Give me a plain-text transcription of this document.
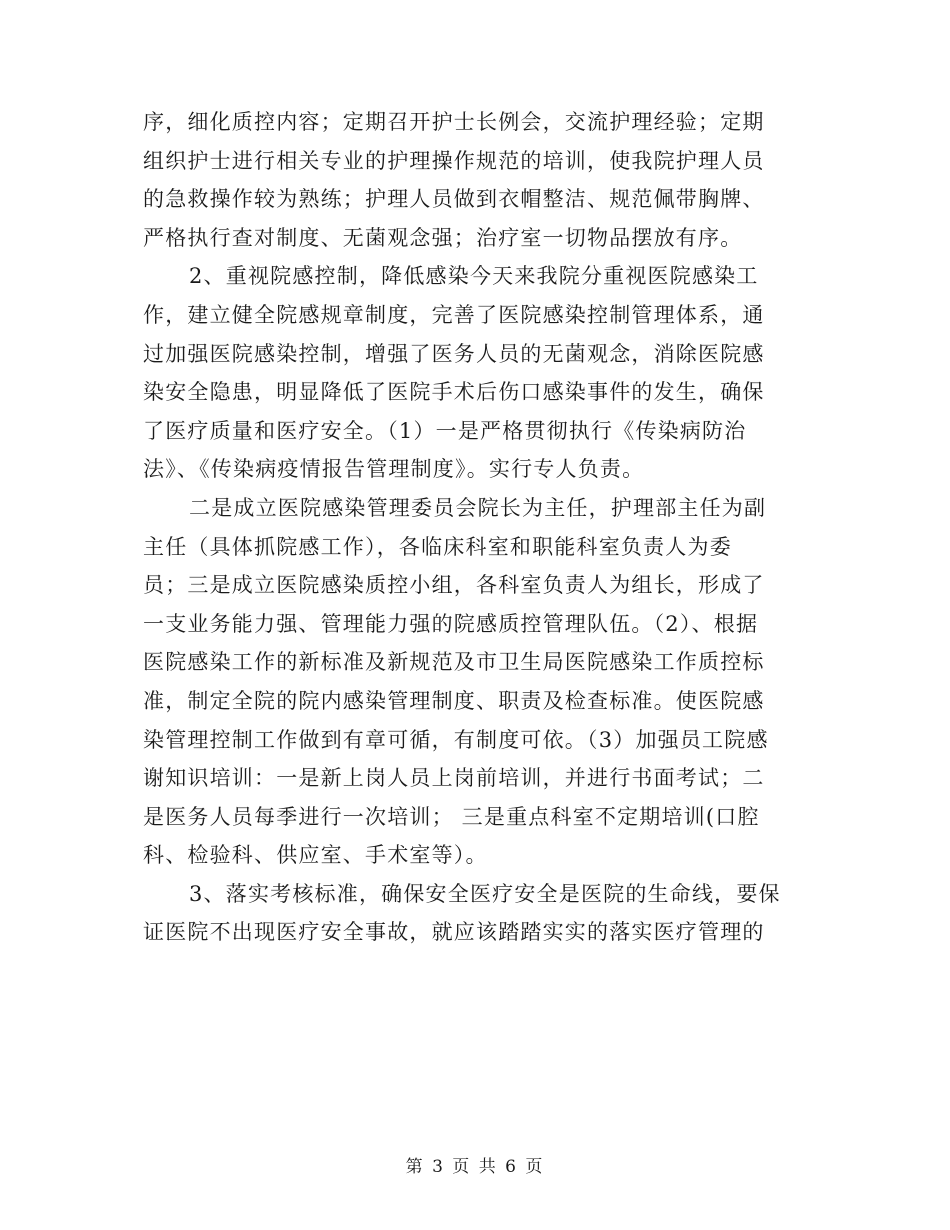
序，细化质控内容；定期召开护士长例会，交流护理经验；定期
组织护士进行相关专业的护理操作规范的培训，使我院护理人员
的急救操作较为熟练；护理人员做到衣帽整洁、规范佩带胸牌、
严格执行查对制度、无菌观念强；治疗室一切物品摆放有序。
2、重视院感控制，降低感染今天来我院分重视医院感染工
作，建立健全院感规章制度，完善了医院感染控制管理体系，通
过加强医院感染控制，增强了医务人员的无菌观念，消除医院感
染安全隐患，明显降低了医院手术后伤口感染事件的发生，确保
了医疗质量和医疗安全。（1）一是严格贯彻执行《传染病防治
法》、《传染病疫情报告管理制度》。实行专人负责。
二是成立医院感染管理委员会院长为主任，护理部主任为副
主任（具体抓院感工作），各临床科室和职能科室负责人为委
员；三是成立医院感染质控小组，各科室负责人为组长，形成了
一支业务能力强、管理能力强的院感质控管理队伍。（2）、根据
医院感染工作的新标准及新规范及市卫生局医院感染工作质控标
准，制定全院的院内感染管理制度、职责及检查标准。使医院感
染管理控制工作做到有章可循，有制度可依。（3）加强员工院感
谢知识培训：一是新上岗人员上岗前培训，并进行书面考试；二
是医务人员每季进行一次培训； 三是重点科室不定期培训(口腔
科、检验科、供应室、手术室等）。
3、落实考核标准，确保安全医疗安全是医院的生命线，要保
证医院不出现医疗安全事故，就应该踏踏实实的落实医疗管理的
第 3 页 共 6 页
